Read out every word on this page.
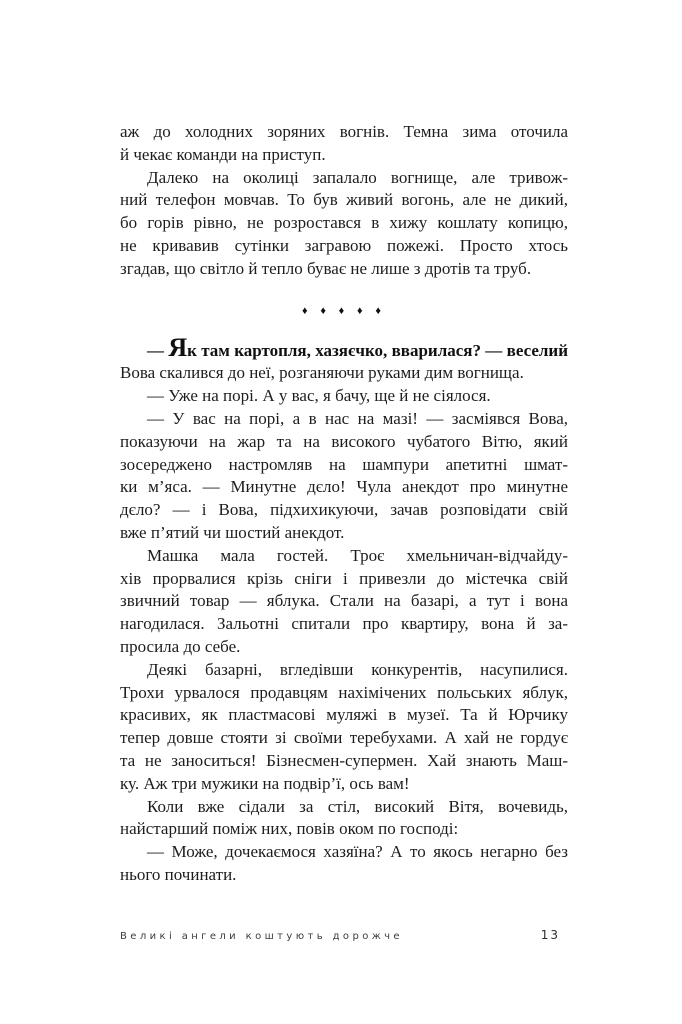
аж до холодних зоряних вогнів. Темна зима оточила
й чекає команди на приступ.
Далеко на околиці запалало вогнище, але тривож-
ний телефон мовчав. То був живий вогонь, але не дикий,
бо горів рівно, не розростався в хижу кошлату копицю,
не кривавив сутінки загравою пожежі. Просто хтось
згадав, що світло й тепло буває не лише з дротів та труб.
♦ ♦ ♦ ♦ ♦
— Як там картопля, хазяєчко, вварилася? — веселий
Вова скалився до неї, розганяючи руками дим вогнища.
— Уже на порі. А у вас, я бачу, ще й не сіялося.
— У вас на порі, а в нас на мазі! — засміявся Вова,
показуючи на жар та на високого чубатого Вітю, який
зосереджено настромляв на шампури апетитні шмат-
ки м’яса. — Минутне дєло! Чула анекдот про минутне
дєло? — і Вова, підхихикуючи, зачав розповідати свій
вже п’ятий чи шостий анекдот.
Машка мала гостей. Троє хмельничан-відчайду-
хів прорвалися крізь сніги і привезли до містечка свій
звичний товар — яблука. Стали на базарі, а тут і вона
нагодилася. Зальотні спитали про квартиру, вона й за-
просила до себе.
Деякі базарні, вгледівши конкурентів, насупилися.
Трохи урвалося продавцям нахімічених польських яблук,
красивих, як пластмасові муляжі в музеї. Та й Юрчику
тепер довше стояти зі своїми теребухами. А хай не гордує
та не заноситься! Бізнесмен-супермен. Хай знають Маш-
ку. Аж три мужики на подвір’ї, ось вам!
Коли вже сідали за стіл, високий Вітя, вочевидь,
найстарший поміж них, повів оком по господі:
— Може, дочекаємося хазяїна? А то якось негарно без
нього починати.
Великі ангели коштують дорожче	13
